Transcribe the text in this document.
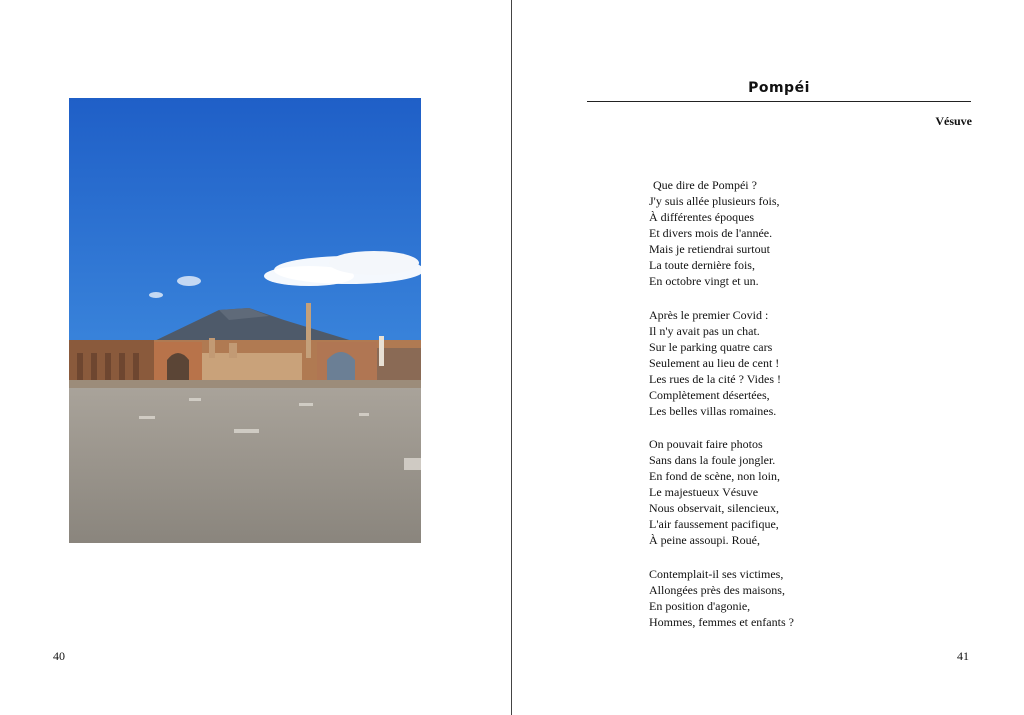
40
Pompéi
Vésuve
Que dire de Pompéi ?
J'y suis allée plusieurs fois,
À différentes époques
Et divers mois de l'année.
Mais je retiendrai surtout
La toute dernière fois,
En octobre vingt et un.
Après le premier Covid :
Il n'y avait pas un chat.
Sur le parking quatre cars
Seulement au lieu de cent !
Les rues de la cité ? Vides !
Complètement désertées,
Les belles villas romaines.
On pouvait faire photos
Sans dans la foule jongler.
En fond de scène, non loin,
Le majestueux Vésuve
Nous observait, silencieux,
L'air faussement pacifique,
À peine assoupi. Roué,
Contemplait-il ses victimes,
Allongées près des maisons,
En position d'agonie,
Hommes, femmes et enfants ?
41
